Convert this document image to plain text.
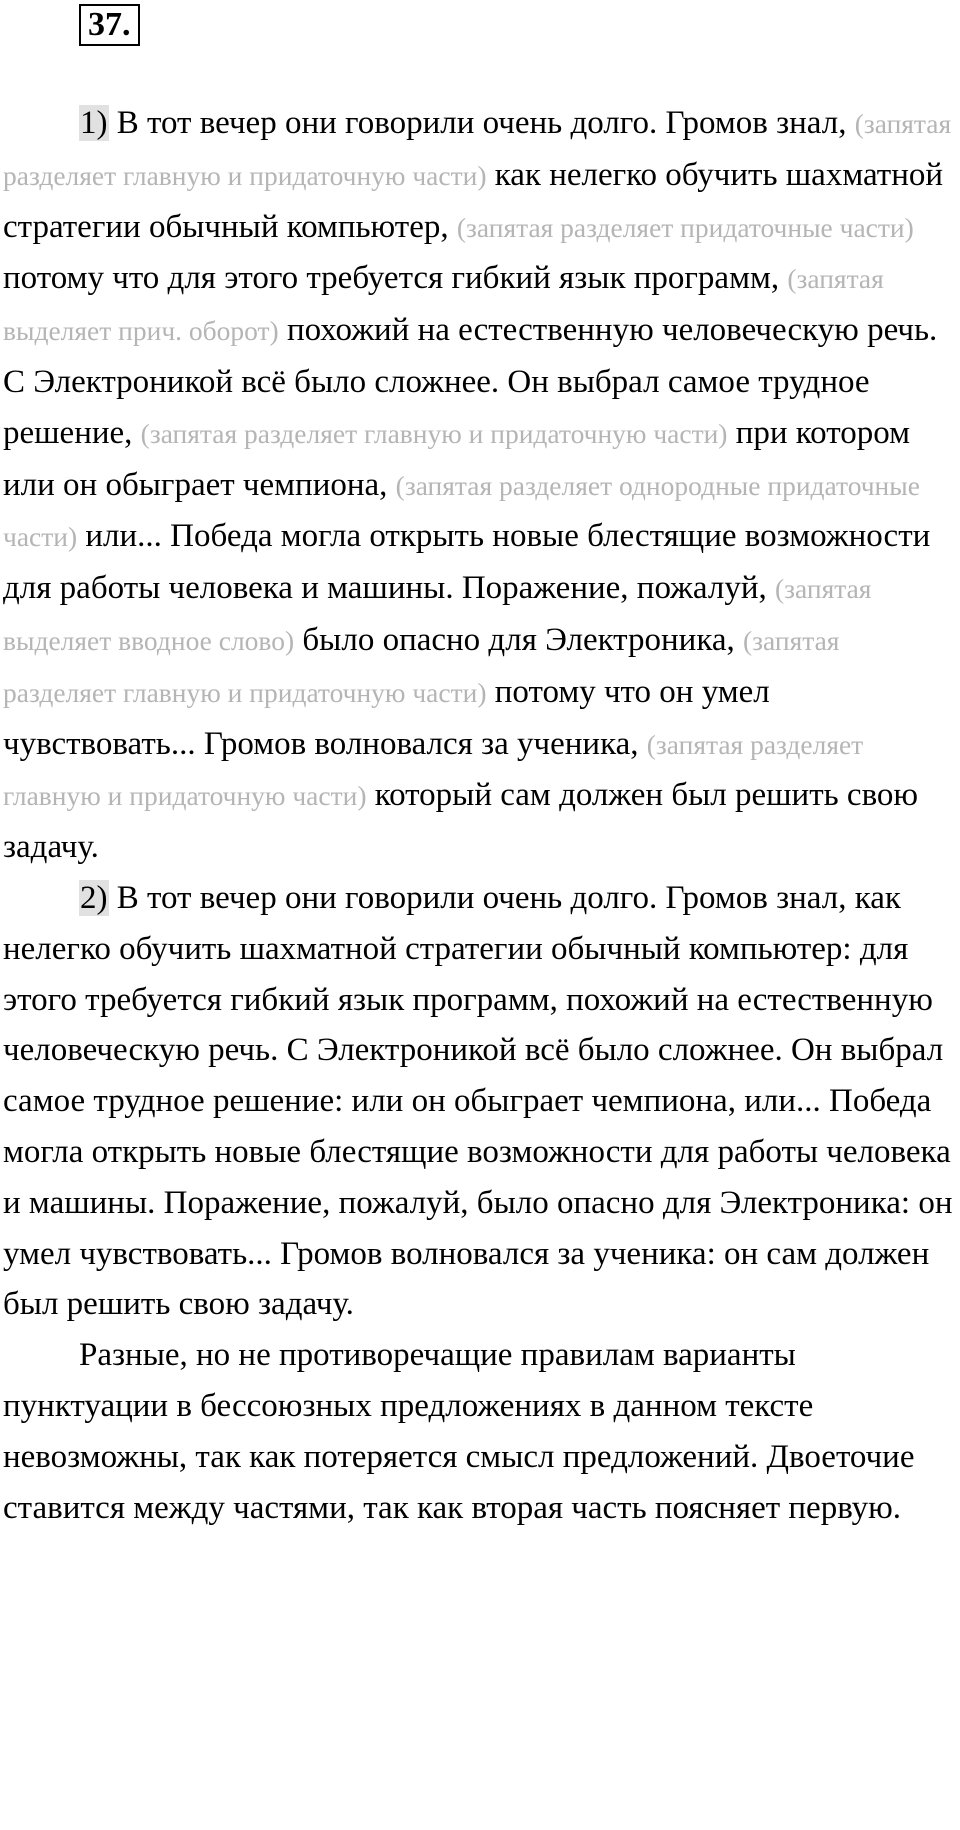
37.

1) В тот вечер они говорили очень долго. Громов знал, (запятая разделяет главную и придаточную части) как нелегко обучить шахматной стратегии обычный компьютер, (запятая разделяет придаточные части) потому что для этого требуется гибкий язык программ, (запятая выделяет прич. оборот) похожий на естественную человеческую речь. С Электроникой всё было сложнее. Он выбрал самое трудное решение, (запятая разделяет главную и придаточную части) при котором или он обыграет чемпиона, (запятая разделяет однородные придаточные части) или... Победа могла открыть новые блестящие возможности для работы человека и машины. Поражение, пожалуй, (запятая выделяет вводное слово) было опасно для Электроника, (запятая разделяет главную и придаточную части) потому что он умел чувствовать... Громов волновался за ученика, (запятая разделяет главную и придаточную части) который сам должен был решить свою задачу.

2) В тот вечер они говорили очень долго. Громов знал, как нелегко обучить шахматной стратегии обычный компьютер: для этого требуется гибкий язык программ, похожий на естественную человеческую речь. С Электроникой всё было сложнее. Он выбрал самое трудное решение: или он обыграет чемпиона, или... Победа могла открыть новые блестящие возможности для работы человека и машины. Поражение, пожалуй, было опасно для Электроника: он умел чувствовать... Громов волновался за ученика: он сам должен был решить свою задачу.

Разные, но не противоречащие правилам варианты пунктуации в бессоюзных предложениях в данном тексте невозможны, так как потеряется смысл предложений. Двоеточие ставится между частями, так как вторая часть поясняет первую.
